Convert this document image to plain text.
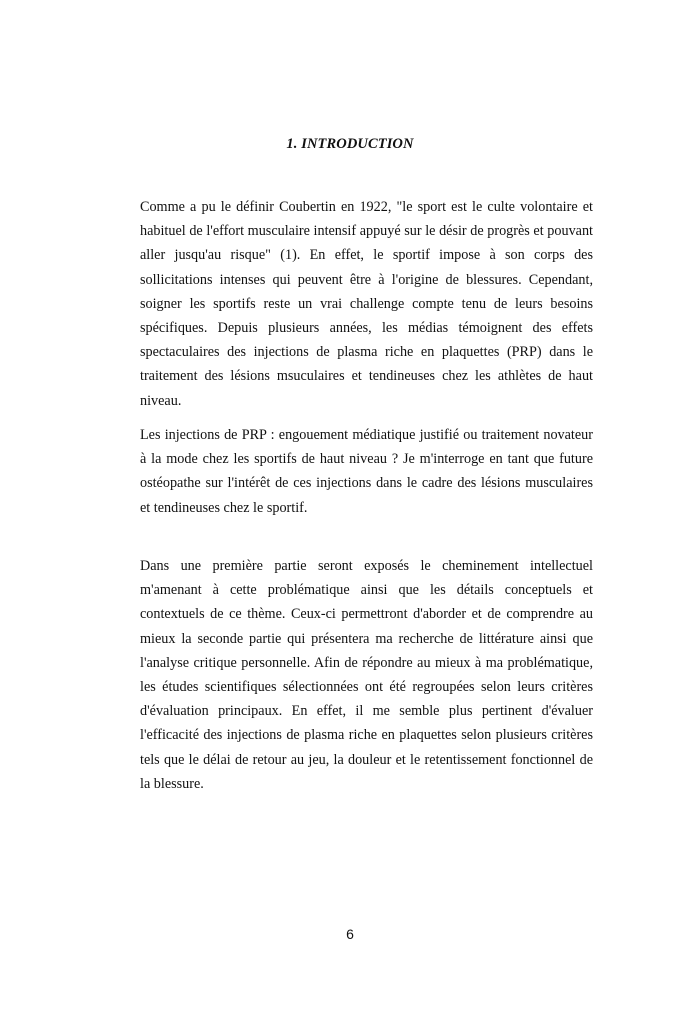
1. INTRODUCTION

Comme a pu le définir Coubertin en 1922, "le sport est le culte volontaire et habituel de l'effort musculaire intensif appuyé sur le désir de progrès et pouvant aller jusqu'au risque" (1). En effet, le sportif impose à son corps des sollicitations intenses qui peuvent être à l'origine de blessures. Cependant, soigner les sportifs reste un vrai challenge compte tenu de leurs besoins spécifiques. Depuis plusieurs années, les médias témoignent des effets spectaculaires des injections de plasma riche en plaquettes (PRP) dans le traitement des lésions msuculaires et tendineuses chez les athlètes de haut niveau.

Les injections de PRP : engouement médiatique justifié ou traitement novateur à la mode chez les sportifs de haut niveau ? Je m'interroge en tant que future ostéopathe sur l'intérêt de ces injections dans le cadre des lésions musculaires et tendineuses chez le sportif.

Dans une première partie seront exposés le cheminement intellectuel m'amenant à cette problématique ainsi que les détails conceptuels et contextuels de ce thème. Ceux-ci permettront d'aborder et de comprendre au mieux la seconde partie qui présentera ma recherche de littérature ainsi que l'analyse critique personnelle. Afin de répondre au mieux à ma problématique, les études scientifiques sélectionnées ont été regroupées selon leurs critères d'évaluation principaux. En effet, il me semble plus pertinent d'évaluer l'efficacité des injections de plasma riche en plaquettes selon plusieurs critères tels que le délai de retour au jeu, la douleur et le retentissement fonctionnel de la blessure.

6
